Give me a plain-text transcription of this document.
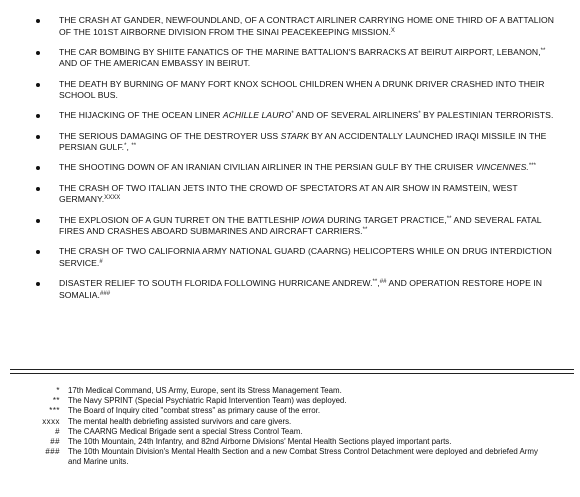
THE CRASH AT GANDER, NEWFOUNDLAND, OF A CONTRACT AIRLINER CARRYING HOME ONE THIRD OF A BATTALION OF THE 101ST AIRBORNE DIVISION FROM THE SINAI PEACEKEEPING MISSION.$^X$
THE CAR BOMBING BY SHIITE FANATICS OF THE MARINE BATTALION'S BARRACKS AT BEIRUT AIRPORT, LEBANON,** AND OF THE AMERICAN EMBASSY IN BEIRUT.
THE DEATH BY BURNING OF MANY FORT KNOX SCHOOL CHILDREN WHEN A DRUNK DRIVER CRASHED INTO THEIR SCHOOL BUS.
THE HIJACKING OF THE OCEAN LINER ACHILLE LAURO* AND OF SEVERAL AIRLINERS* BY PALESTINIAN TERRORISTS.
THE SERIOUS DAMAGING OF THE DESTROYER USS STARK BY AN ACCIDENTALLY LAUNCHED IRAQI MISSILE IN THE PERSIAN GULF.*, **
THE SHOOTING DOWN OF AN IRANIAN CIVILIAN AIRLINER IN THE PERSIAN GULF BY THE CRUISER VINCENNES.***
THE CRASH OF TWO ITALIAN JETS INTO THE CROWD OF SPECTATORS AT AN AIR SHOW IN RAMSTEIN, WEST GERMANY.$^{XXXX}$
THE EXPLOSION OF A GUN TURRET ON THE BATTLESHIP IOWA DURING TARGET PRACTICE,** AND SEVERAL FATAL FIRES AND CRASHES ABOARD SUBMARINES AND AIRCRAFT CARRIERS.**
THE CRASH OF TWO CALIFORNIA ARMY NATIONAL GUARD (CAARNG) HELICOPTERS WHILE ON DRUG INTERDICTION SERVICE.#
DISASTER RELIEF TO SOUTH FLORIDA FOLLOWING HURRICANE ANDREW.**,## AND OPERATION RESTORE HOPE IN SOMALIA.###
* 17th Medical Command, US Army, Europe, sent its Stress Management Team.
** The Navy SPRINT (Special Psychiatric Rapid Intervention Team) was deployed.
*** The Board of Inquiry cited "combat stress" as primary cause of the error.
xxxx The mental health debriefing assisted survivors and care givers.
# The CAARNG Medical Brigade sent a special Stress Control Team.
## The 10th Mountain, 24th Infantry, and 82nd Airborne Divisions' Mental Health Sections played important parts.
### The 10th Mountain Division's Mental Health Section and a new Combat Stress Control Detachment were deployed and debriefed Army and Marine units.
